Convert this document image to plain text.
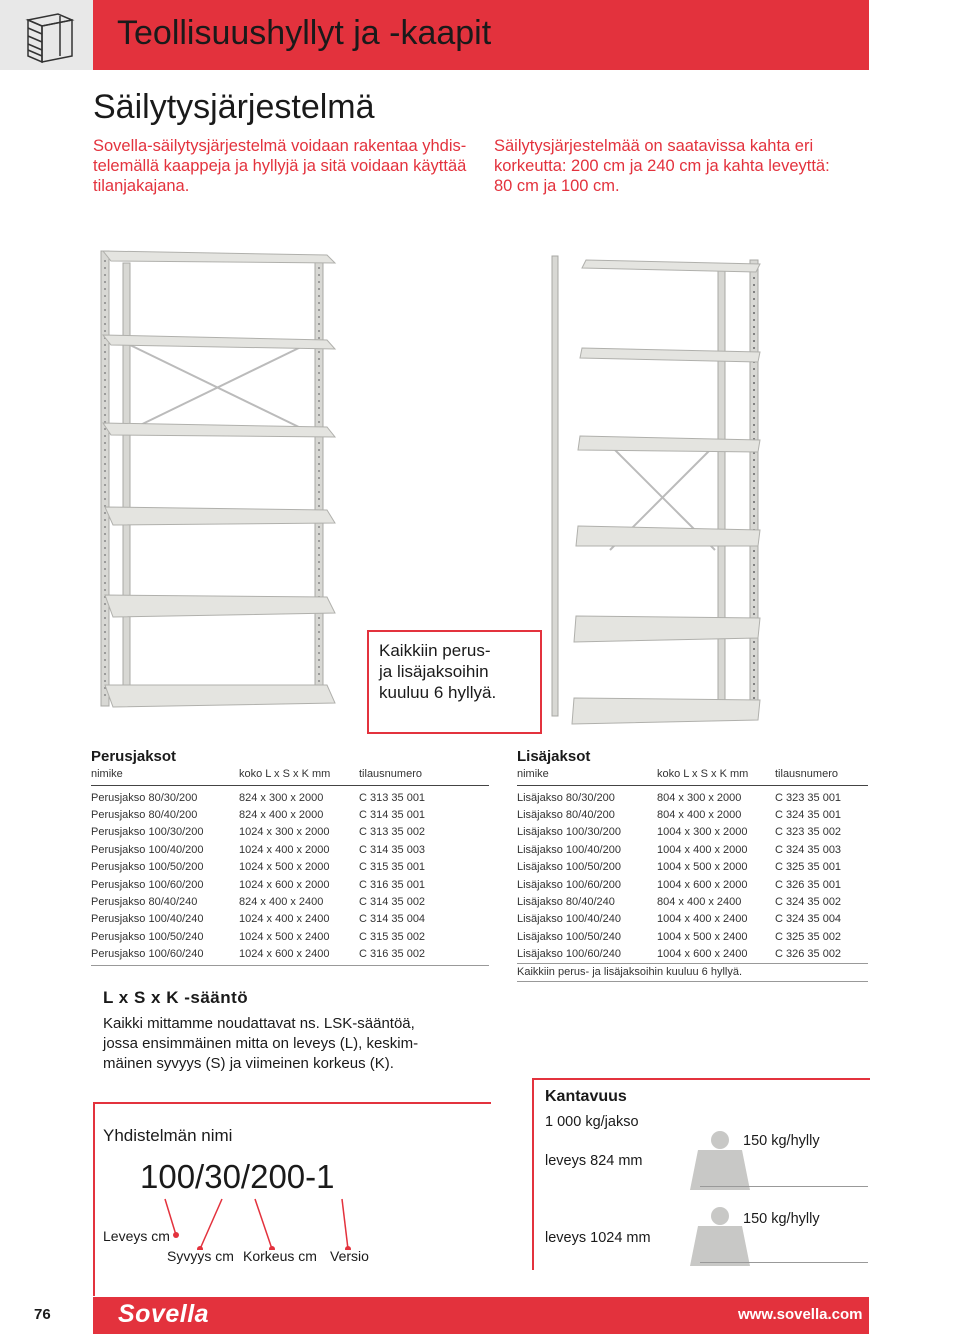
Teollisuushyllyt ja -kaapit
Säilytysjärjestelmä
Sovella-säilytysjärjestelmä voidaan rakentaa yhdis-
telemällä kaappeja ja hyllyjä ja sitä voidaan käyttää
tilanjakajana.
Säilytysjärjestelmää on saatavissa kahta eri
korkeutta: 200 cm ja 240 cm ja kahta leveyttä:
80 cm ja 100 cm.
Kaikkiin perus-
ja lisäjaksoihin
kuuluu 6 hyllyä.
Perusjaksot
nimike	koko L x S x K mm	tilausnumero
Perusjakso 80/30/200	824 x 300 x 2000	C 313 35 001
Perusjakso 80/40/200	824 x 400 x 2000	C 314 35 001
Perusjakso 100/30/200	1024 x 300 x 2000	C 313 35 002
Perusjakso 100/40/200	1024 x 400 x 2000	C 314 35 003
Perusjakso 100/50/200	1024 x 500 x 2000	C 315 35 001
Perusjakso 100/60/200	1024 x 600 x 2000	C 316 35 001
Perusjakso 80/40/240	824 x 400 x 2400	C 314 35 002
Perusjakso 100/40/240	1024 x 400 x 2400	C 314 35 004
Perusjakso 100/50/240	1024 x 500 x 2400	C 315 35 002
Perusjakso 100/60/240	1024 x 600 x 2400	C 316 35 002
Lisäjaksot
nimike	koko L x S x K mm	tilausnumero
Lisäjakso 80/30/200	804 x 300 x 2000	C 323 35 001
Lisäjakso 80/40/200	804 x 400 x 2000	C 324 35 001
Lisäjakso 100/30/200	1004 x 300 x 2000	C 323 35 002
Lisäjakso 100/40/200	1004 x 400 x 2000	C 324 35 003
Lisäjakso 100/50/200	1004 x 500 x 2000	C 325 35 001
Lisäjakso 100/60/200	1004 x 600 x 2000	C 326 35 001
Lisäjakso 80/40/240	804 x 400 x 2400	C 324 35 002
Lisäjakso 100/40/240	1004 x 400 x 2400	C 324 35 004
Lisäjakso 100/50/240	1004 x 500 x 2400	C 325 35 002
Lisäjakso 100/60/240	1004 x 600 x 2400	C 326 35 002
Kaikkiin perus- ja lisäjaksoihin kuuluu 6 hyllyä.
L x S x K -sääntö
Kaikki mittamme noudattavat ns. LSK-sääntöä,
jossa ensimmäinen mitta on leveys (L), keskim-
mäinen syvyys (S) ja viimeinen korkeus (K).
Yhdistelmän nimi
100/30/200-1
Leveys cm
Syvyys cm Korkeus cm Versio
Kantavuus
1 000 kg/jakso
leveys 824 mm
leveys 1024 mm
150 kg/hylly
150 kg/hylly
76	Sovella	www.sovella.com
